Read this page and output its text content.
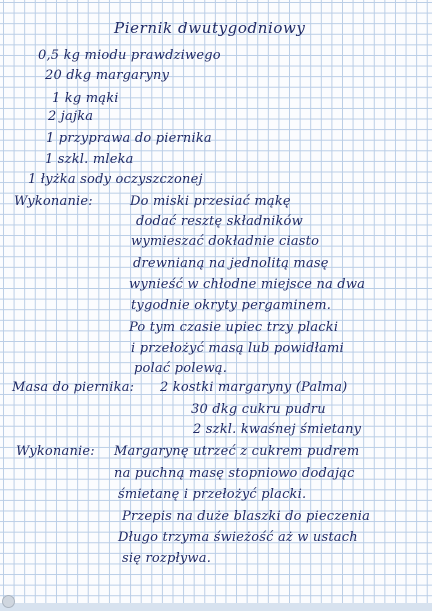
Piernik dwutygodniowy
0,5 kg miodu prawdziwego
20 dkg margaryny
1 kg mąki
2 jajka
1 przyprawa do piernika
1 szkl. mleka
1 łyżka sody oczyszczonej
Wykonanie:	Do miski przesiać mąkę
dodać resztę składników
wymieszać dokładnie ciasto
drewnianą na jednolitą masę
wynieść w chłodne miejsce na dwa
tygodnie okryty pergaminem.
Po tym czasie upiec trzy placki
i przełożyć masą lub powidłami
polać polewą.
Masa do piernika: 2 kostki margaryny (Palma)
30 dkg cukru pudru
2 szkl. kwaśnej śmietany
Wykonanie: Margarynę utrzeć z cukrem pudrem
na puchną masę stopniowo dodając
śmietanę i przełożyć placki.
Przepis na duże blaszki do pieczenia
Długo trzyma świeżość aż w ustach
się rozpływa.
